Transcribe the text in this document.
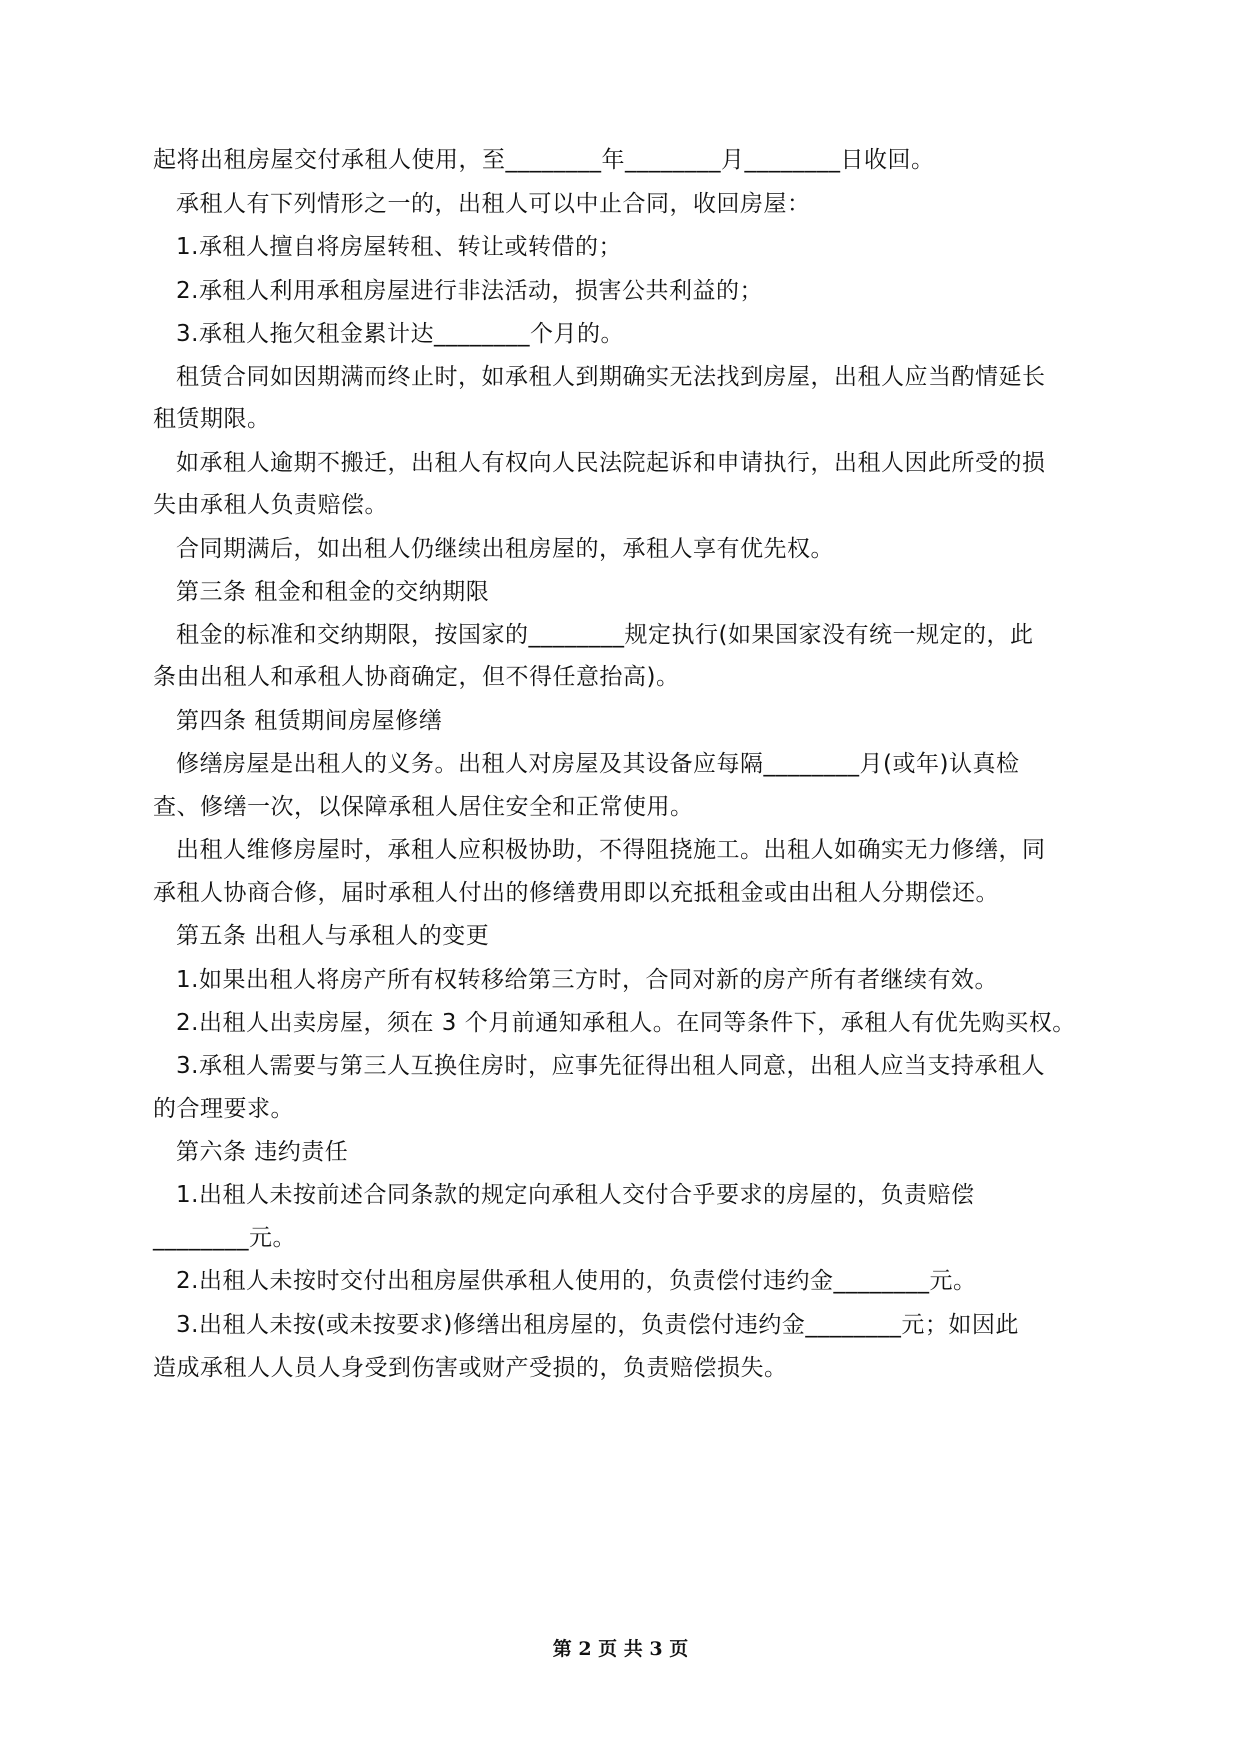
起将出租房屋交付承租人使用，至________年________月________日收回。
承租人有下列情形之一的，出租人可以中止合同，收回房屋：
1.承租人擅自将房屋转租、转让或转借的；
2.承租人利用承租房屋进行非法活动，损害公共利益的；
3.承租人拖欠租金累计达________个月的。
租赁合同如因期满而终止时，如承租人到期确实无法找到房屋，出租人应当酌情延长
租赁期限。
如承租人逾期不搬迁，出租人有权向人民法院起诉和申请执行，出租人因此所受的损
失由承租人负责赔偿。
合同期满后，如出租人仍继续出租房屋的，承租人享有优先权。
第三条 租金和租金的交纳期限
租金的标准和交纳期限，按国家的________规定执行(如果国家没有统一规定的，此
条由出租人和承租人协商确定，但不得任意抬高)。
第四条 租赁期间房屋修缮
修缮房屋是出租人的义务。出租人对房屋及其设备应每隔________月(或年)认真检
查、修缮一次，以保障承租人居住安全和正常使用。
出租人维修房屋时，承租人应积极协助，不得阻挠施工。出租人如确实无力修缮，同
承租人协商合修，届时承租人付出的修缮费用即以充抵租金或由出租人分期偿还。
第五条 出租人与承租人的变更
1.如果出租人将房产所有权转移给第三方时，合同对新的房产所有者继续有效。
2.出租人出卖房屋，须在 3 个月前通知承租人。在同等条件下，承租人有优先购买权。
3.承租人需要与第三人互换住房时，应事先征得出租人同意，出租人应当支持承租人
的合理要求。
第六条 违约责任
1.出租人未按前述合同条款的规定向承租人交付合乎要求的房屋的，负责赔偿
________元。
2.出租人未按时交付出租房屋供承租人使用的，负责偿付违约金________元。
3.出租人未按(或未按要求)修缮出租房屋的，负责偿付违约金________元；如因此
造成承租人人员人身受到伤害或财产受损的，负责赔偿损失。
第 2 页 共 3 页
